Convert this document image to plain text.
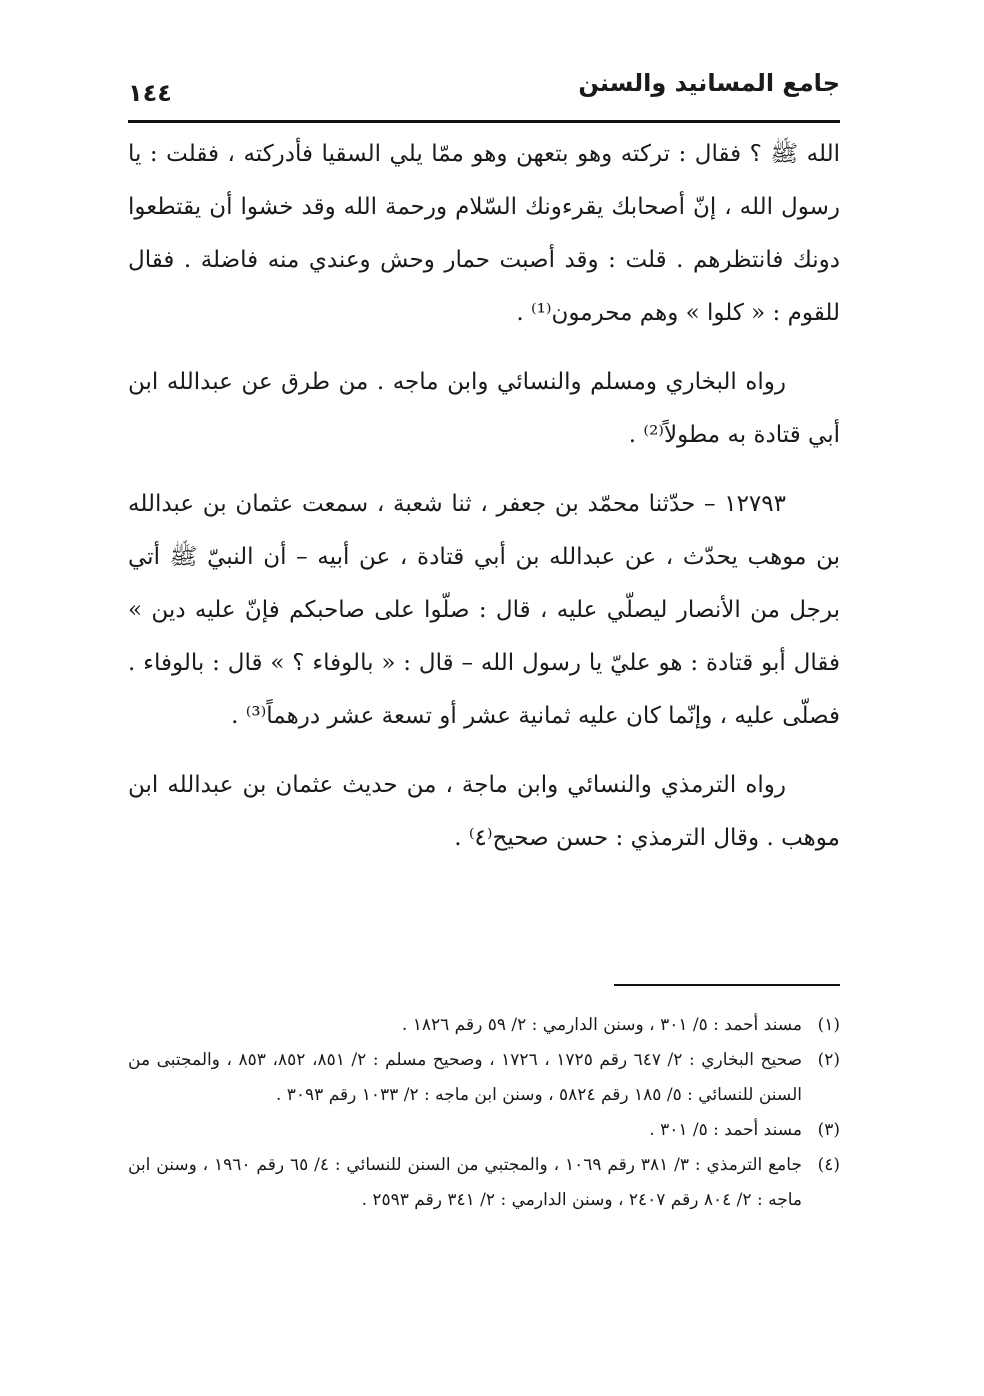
جامع المسانيد والسنن
١٤٤

الله ﷺ ؟ فقال : تركته وهو بتعهن وهو ممّا يلي السقيا فأدركته ، فقلت : يا رسول الله ، إنّ أصحابك يقرءونك السّلام ورحمة الله وقد خشوا أن يقتطعوا دونك فانتظرهم . قلت : وقد أصبت حمار وحش وعندي منه فاضلة . فقال للقوم : « كلوا » وهم محرمون⁽¹⁾ .

رواه البخاري ومسلم والنسائي وابن ماجه . من طرق عن عبدالله ابن أبي قتادة به مطولاً⁽²⁾ .

١٢٧٩٣ – حدّثنا محمّد بن جعفر ، ثنا شعبة ، سمعت عثمان بن عبدالله بن موهب يحدّث ، عن عبدالله بن أبي قتادة ، عن أبيه – أن النبيّ ﷺ أتي برجل من الأنصار ليصلّي عليه ، قال : صلّوا على صاحبكم فإنّ عليه دين » فقال أبو قتادة : هو عليّ يا رسول الله – قال : « بالوفاء ؟ » قال : بالوفاء . فصلّى عليه ، وإنّما كان عليه ثمانية عشر أو تسعة عشر درهماً⁽³⁾ .

رواه الترمذي والنسائي وابن ماجة ، من حديث عثمان بن عبدالله ابن موهب . وقال الترمذي : حسن صحيح⁽٤⁾ .

(١)مسند أحمد : ٥/ ٣٠١ ، وسنن الدارمي : ٢/ ٥٩ رقم ١٨٢٦ .

(٢)صحيح البخاري : ٢/ ٦٤٧ رقم ١٧٢٥ ، ١٧٢٦ ، وصحيح مسلم : ٢/ ٨٥١، ٨٥٢، ٨٥٣ ، والمجتبى من السنن للنسائي : ٥/ ١٨٥ رقم ٥٨٢٤ ، وسنن ابن ماجه : ٢/ ١٠٣٣ رقم ٣٠٩٣ .

(٣)مسند أحمد : ٥/ ٣٠١ .

(٤)جامع الترمذي : ٣/ ٣٨١ رقم ١٠٦٩ ، والمجتبي من السنن للنسائي : ٤/ ٦٥ رقم ١٩٦٠ ، وسنن ابن ماجه : ٢/ ٨٠٤ رقم ٢٤٠٧ ، وسنن الدارمي : ٢/ ٣٤١ رقم ٢٥٩٣ .
